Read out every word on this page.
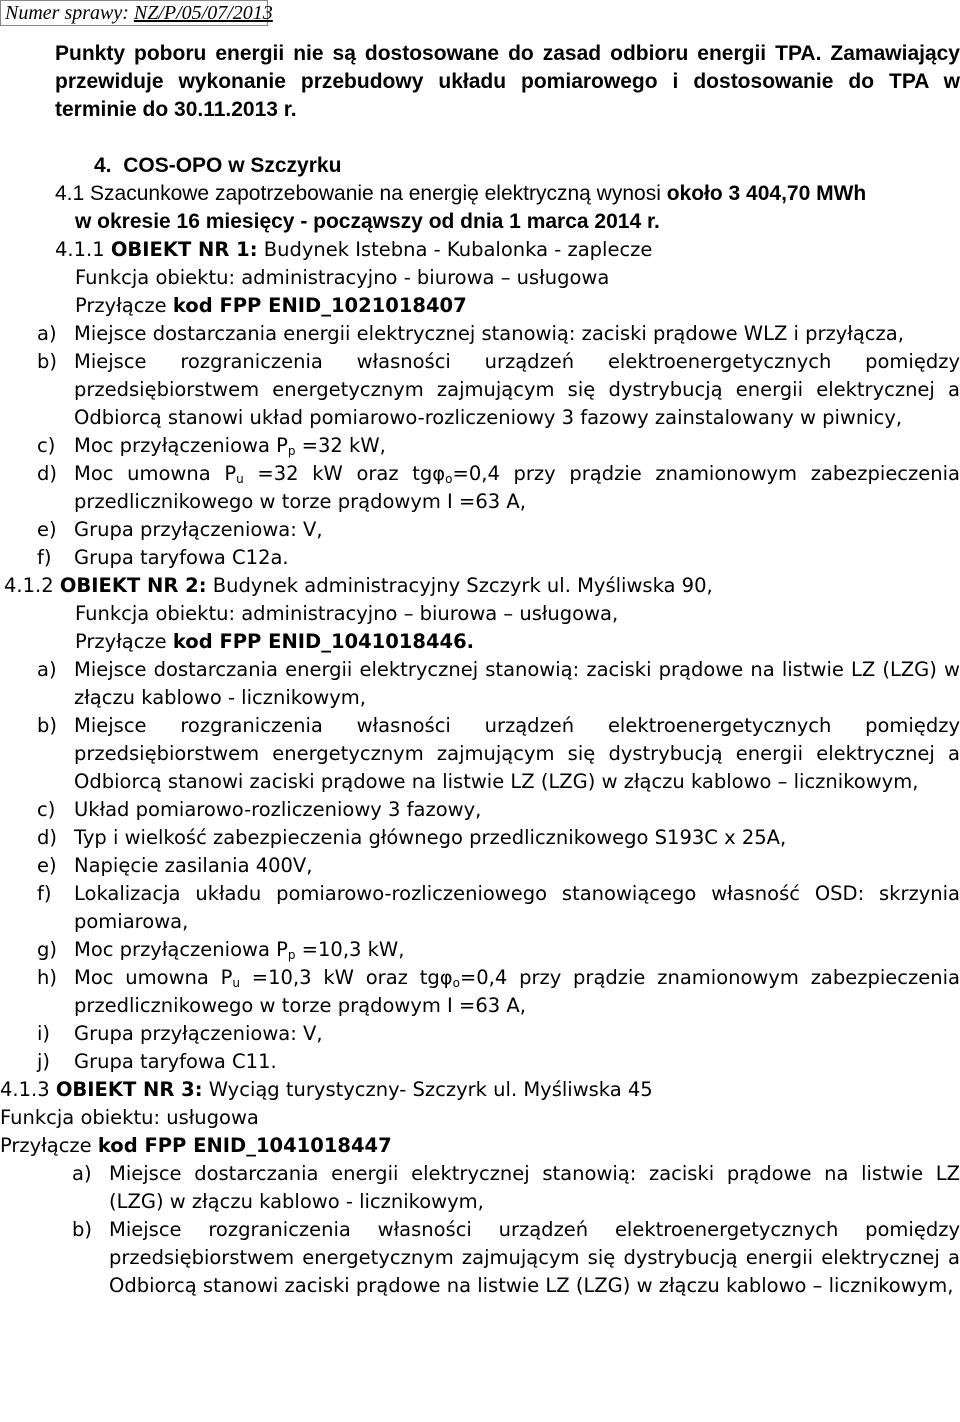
Numer sprawy: NZ/P/05/07/2013

Punkty poboru energii nie są dostosowane do zasad odbioru energii TPA. Zamawiający przewiduje wykonanie przebudowy układu pomiarowego i dostosowanie do TPA w terminie do 30.11.2013 r.

4. COS-OPO w Szczyrku
4.1 Szacunkowe zapotrzebowanie na energię elektryczną wynosi około 3 404,70 MWh
w okresie 16 miesięcy - począwszy od dnia 1 marca 2014 r.
4.1.1 OBIEKT NR 1: Budynek Istebna - Kubalonka - zaplecze
Funkcja obiektu: administracyjno - biurowa – usługowa
Przyłącze kod FPP ENID_1021018407
a) Miejsce dostarczania energii elektrycznej stanowią: zaciski prądowe WLZ i przyłącza,
b) Miejsce rozgraniczenia własności urządzeń elektroenergetycznych pomiędzy przedsiębiorstwem energetycznym zajmującym się dystrybucją energii elektrycznej a Odbiorcą stanowi układ pomiarowo-rozliczeniowy 3 fazowy zainstalowany w piwnicy,
c) Moc przyłączeniowa $P_p =32$ kW,
d) Moc umowna $P_u =32$ kW oraz tgφ$_o$=0,4 przy prądzie znamionowym zabezpieczenia przedlicznikowego w torze prądowym I =63 A,
e) Grupa przyłączeniowa: V,
f)	Grupa taryfowa C12a.
4.1.2 OBIEKT NR 2: Budynek administracyjny Szczyrk ul. Myśliwska 90,
Funkcja obiektu: administracyjno – biurowa – usługowa,
Przyłącze kod FPP ENID_1041018446.
a) Miejsce dostarczania energii elektrycznej stanowią: zaciski prądowe na listwie LZ (LZG) w złączu kablowo - licznikowym,
b) Miejsce rozgraniczenia własności urządzeń elektroenergetycznych pomiędzy przedsiębiorstwem energetycznym zajmującym się dystrybucją energii elektrycznej a Odbiorcą stanowi zaciski prądowe na listwie LZ (LZG) w złączu kablowo – licznikowym,
c) Układ pomiarowo-rozliczeniowy 3 fazowy,
d) Typ i wielkość zabezpieczenia głównego przedlicznikowego S193C x 25A,
e) Napięcie zasilania 400V,
f)	Lokalizacja układu pomiarowo-rozliczeniowego stanowiącego własność OSD: skrzynia pomiarowa,
g) Moc przyłączeniowa $P_p =10,3$ kW,
h) Moc umowna $P_u =10,3$ kW oraz tgφ$_o$=0,4 przy prądzie znamionowym zabezpieczenia przedlicznikowego w torze prądowym I =63 A,
i)	Grupa przyłączeniowa: V,
j)	Grupa taryfowa C11.
4.1.3 OBIEKT NR 3: Wyciąg turystyczny- Szczyrk ul. Myśliwska 45
Funkcja obiektu: usługowa
Przyłącze kod FPP ENID_1041018447
a) Miejsce dostarczania energii elektrycznej stanowią: zaciski prądowe na listwie LZ (LZG) w złączu kablowo - licznikowym,
b) Miejsce rozgraniczenia własności urządzeń elektroenergetycznych pomiędzy przedsiębiorstwem energetycznym zajmującym się dystrybucją energii elektrycznej a Odbiorcą stanowi zaciski prądowe na listwie LZ (LZG) w złączu kablowo – licznikowym,
